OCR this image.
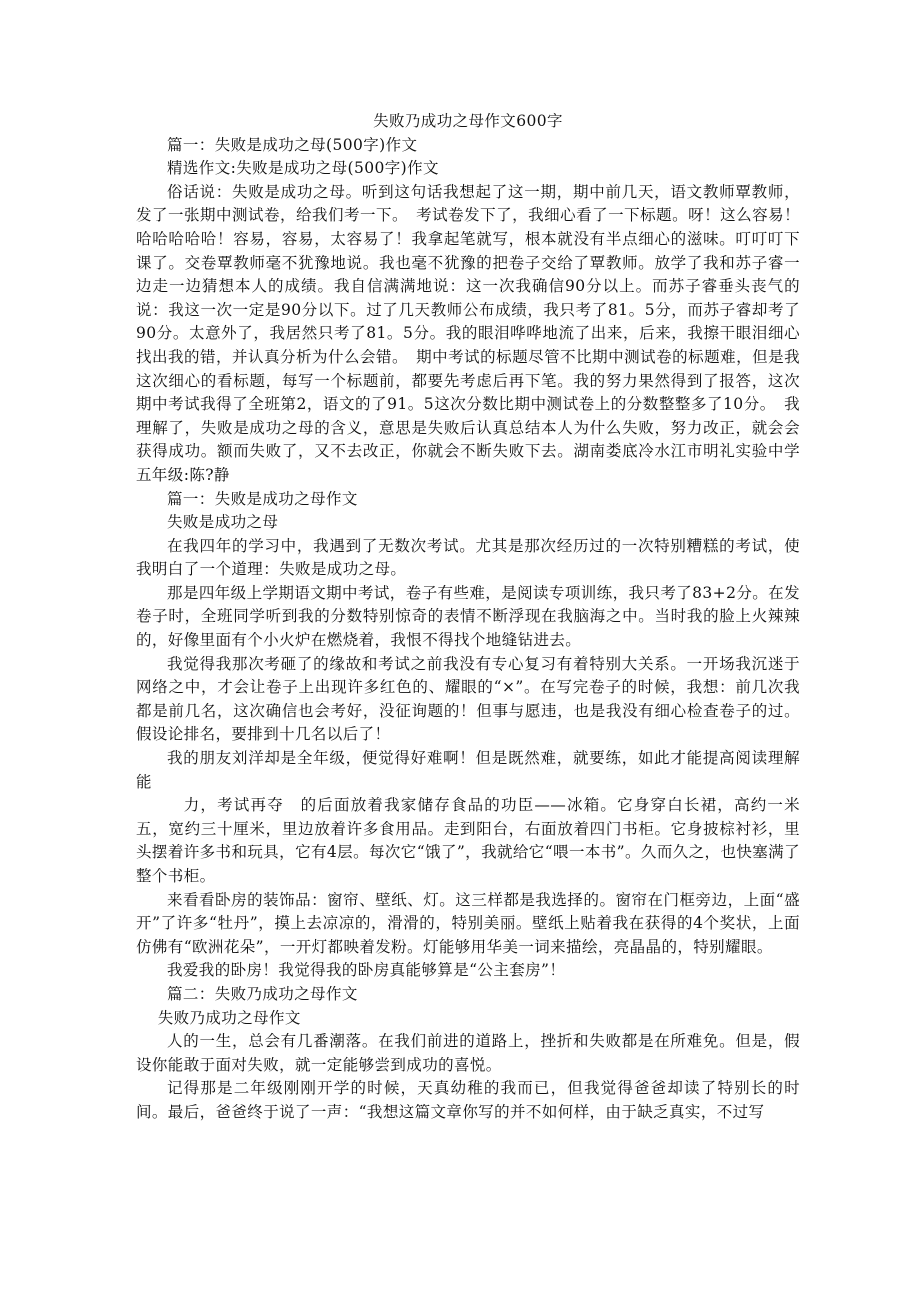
失败乃成功之母作文600字

篇一：失败是成功之母(500字)作文

精选作文:失败是成功之母(500字)作文

俗话说：失败是成功之母。听到这句话我想起了这一期，期中前几天，语文教师覃教师，发了一张期中测试卷，给我们考一下。　考试卷发下了，我细心看了一下标题。呀！这么容易！哈哈哈哈哈！容易，容易，太容易了！我拿起笔就写，根本就没有半点细心的滋味。叮叮叮下课了。交卷覃教师毫不犹豫地说。我也毫不犹豫的把卷子交给了覃教师。放学了我和苏子睿一边走一边猜想本人的成绩。我自信满满地说：这一次我确信90分以上。而苏子睿垂头丧气的说：我这一次一定是90分以下。过了几天教师公布成绩，我只考了81。5分，而苏子睿却考了90分。太意外了，我居然只考了81。5分。我的眼泪哗哗地流了出来，后来，我擦干眼泪细心找出我的错，并认真分析为什么会错。　期中考试的标题尽管不比期中测试卷的标题难，但是我这次细心的看标题，每写一个标题前，都要先考虑后再下笔。我的努力果然得到了报答，这次期中考试我得了全班第2，语文的了91。5这次分数比期中测试卷上的分数整整多了10分。　我理解了，失败是成功之母的含义，意思是失败后认真总结本人为什么失败，努力改正，就会会获得成功。额而失败了，又不去改正，你就会不断失败下去。湖南娄底冷水江市明礼实验中学五年级:陈?静

篇一：失败是成功之母作文

失败是成功之母

在我四年的学习中，我遇到了无数次考试。尤其是那次经历过的一次特别糟糕的考试，使我明白了一个道理：失败是成功之母。

那是四年级上学期语文期中考试，卷子有些难，是阅读专项训练，我只考了83+2分。在发卷子时，全班同学听到我的分数特别惊奇的表情不断浮现在我脑海之中。当时我的脸上火辣辣的，好像里面有个小火炉在燃烧着，我恨不得找个地缝钻进去。

我觉得我那次考砸了的缘故和考试之前我没有专心复习有着特别大关系。一开场我沉迷于网络之中，才会让卷子上出现许多红色的、耀眼的“×”。在写完卷子的时候，我想：前几次我都是前几名，这次确信也会考好，没征询题的！但事与愿违，也是我没有细心检查卷子的过。假设论排名，要排到十几名以后了！

我的朋友刘洋却是全年级，便觉得好难啊！但是既然难，就要练，如此才能提高阅读理解能

　力，考试再夺　的后面放着我家储存食品的功臣——冰箱。它身穿白长裙，高约一米五，宽约三十厘米，里边放着许多食用品。走到阳台，右面放着四门书柜。它身披棕衬衫，里头摆着许多书和玩具，它有4层。每次它“饿了”，我就给它“喂一本书”。久而久之，也快塞满了整个书柜。

来看看卧房的装饰品：窗帘、壁纸、灯。这三样都是我选择的。窗帘在门框旁边，上面“盛开”了许多“牡丹”，摸上去凉凉的，滑滑的，特别美丽。壁纸上贴着我在获得的4个奖状，上面仿佛有“欧洲花朵”，一开灯都映着发粉。灯能够用华美一词来描绘，亮晶晶的，特别耀眼。

我爱我的卧房！我觉得我的卧房真能够算是“公主套房”！

篇二：失败乃成功之母作文

失败乃成功之母作文

人的一生，总会有几番潮落。在我们前进的道路上，挫折和失败都是在所难免。但是，假设你能敢于面对失败，就一定能够尝到成功的喜悦。

记得那是二年级刚刚开学的时候，天真幼稚的我而已，但我觉得爸爸却读了特别长的时间。最后，爸爸终于说了一声：“我想这篇文章你写的并不如何样，由于缺乏真实，不过写
